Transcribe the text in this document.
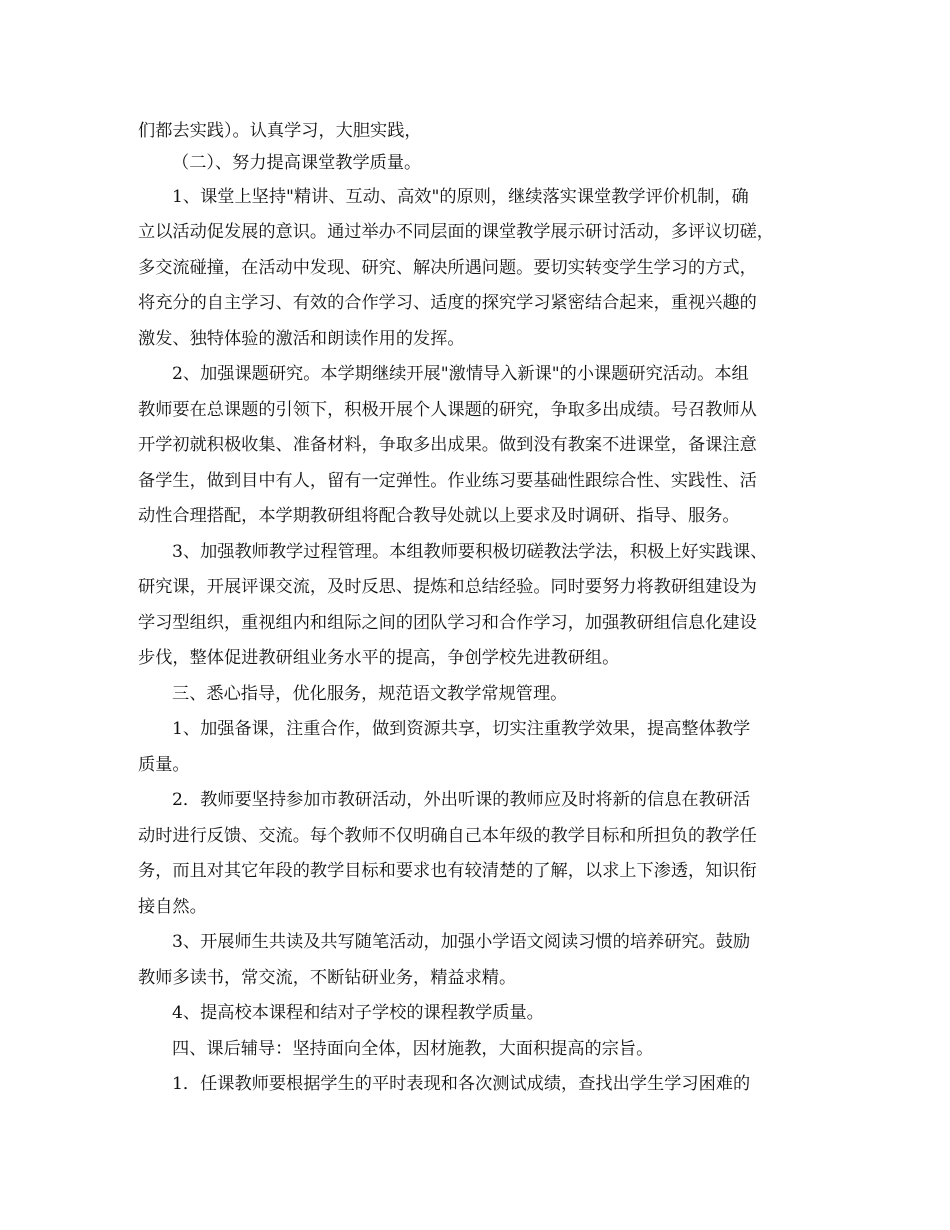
们都去实践）。认真学习，大胆实践，
（二）、努力提高课堂教学质量。
1、课堂上坚持"精讲、互动、高效"的原则，继续落实课堂教学评价机制，确
立以活动促发展的意识。通过举办不同层面的课堂教学展示研讨活动，多评议切磋，
多交流碰撞，在活动中发现、研究、解决所遇问题。要切实转变学生学习的方式，
将充分的自主学习、有效的合作学习、适度的探究学习紧密结合起来，重视兴趣的
激发、独特体验的激活和朗读作用的发挥。
2、加强课题研究。本学期继续开展"激情导入新课"的小课题研究活动。本组
教师要在总课题的引领下，积极开展个人课题的研究，争取多出成绩。号召教师从
开学初就积极收集、准备材料，争取多出成果。做到没有教案不进课堂，备课注意
备学生，做到目中有人，留有一定弹性。作业练习要基础性跟综合性、实践性、活
动性合理搭配，本学期教研组将配合教导处就以上要求及时调研、指导、服务。
3、加强教师教学过程管理。本组教师要积极切磋教法学法，积极上好实践课、
研究课，开展评课交流，及时反思、提炼和总结经验。同时要努力将教研组建设为
学习型组织，重视组内和组际之间的团队学习和合作学习，加强教研组信息化建设
步伐，整体促进教研组业务水平的提高，争创学校先进教研组。
三、悉心指导，优化服务，规范语文教学常规管理。
1、加强备课，注重合作，做到资源共享，切实注重教学效果，提高整体教学
质量。
2．教师要坚持参加市教研活动，外出听课的教师应及时将新的信息在教研活
动时进行反馈、交流。每个教师不仅明确自己本年级的教学目标和所担负的教学任
务，而且对其它年段的教学目标和要求也有较清楚的了解，以求上下渗透，知识衔
接自然。
3、开展师生共读及共写随笔活动，加强小学语文阅读习惯的培养研究。鼓励
教师多读书，常交流，不断钻研业务，精益求精。
4、提高校本课程和结对子学校的课程教学质量。
四、课后辅导：坚持面向全体，因材施教，大面积提高的宗旨。
1．任课教师要根据学生的平时表现和各次测试成绩，查找出学生学习困难的
